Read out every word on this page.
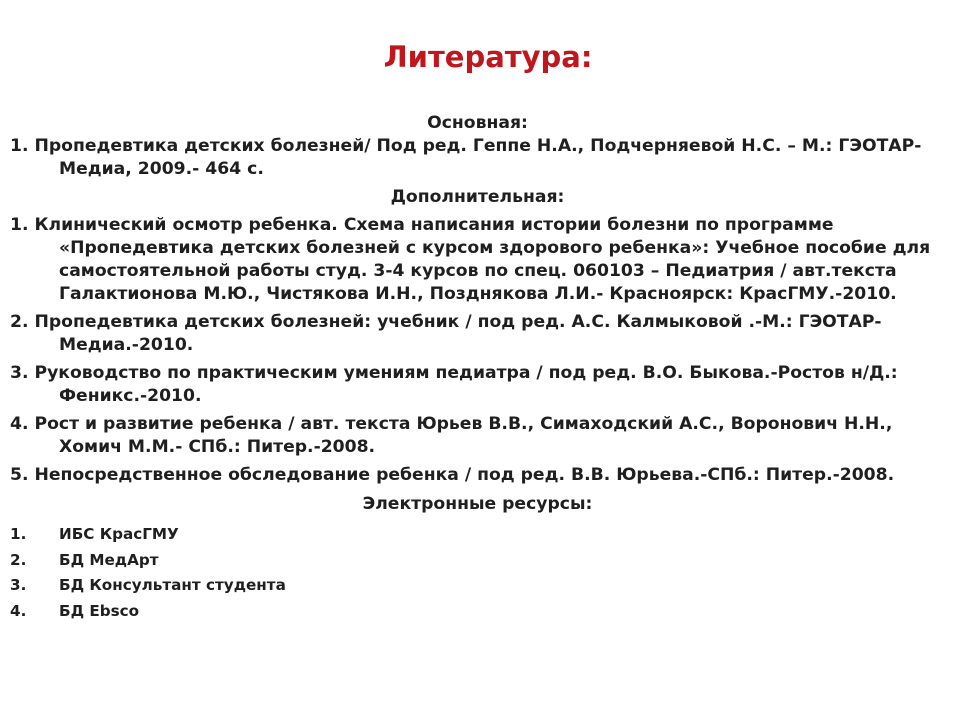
Литература:
Основная:
1. Пропедевтика детских болезней/ Под ред. Геппе Н.А., Подчерняевой Н.С. – М.: ГЭОТАР-Медиа, 2009.- 464 с.
Дополнительная:
1. Клинический осмотр ребенка. Схема написания истории болезни по программе «Пропедевтика детских болезней с курсом здорового ребенка»: Учебное пособие для самостоятельной работы студ. 3-4 курсов по спец. 060103 – Педиатрия / авт.текста Галактионова М.Ю., Чистякова И.Н., Позднякова Л.И.- Красноярск: КрасГМУ.-2010.
2. Пропедевтика детских болезней: учебник / под ред. А.С. Калмыковой .-М.: ГЭОТАР-Медиа.-2010.
3. Руководство по практическим умениям педиатра / под ред. В.О. Быкова.-Ростов н/Д.: Феникс.-2010.
4. Рост и развитие ребенка / авт. текста Юрьев В.В., Симаходский А.С., Воронович Н.Н., Хомич М.М.- СПб.: Питер.-2008.
5. Непосредственное обследование ребенка / под ред. В.В. Юрьева.-СПб.: Питер.-2008.
Электронные ресурсы:
1.	ИБС КрасГМУ
2.	БД МедАрт
3.	БД Консультант студента
4.	БД Ebsco
